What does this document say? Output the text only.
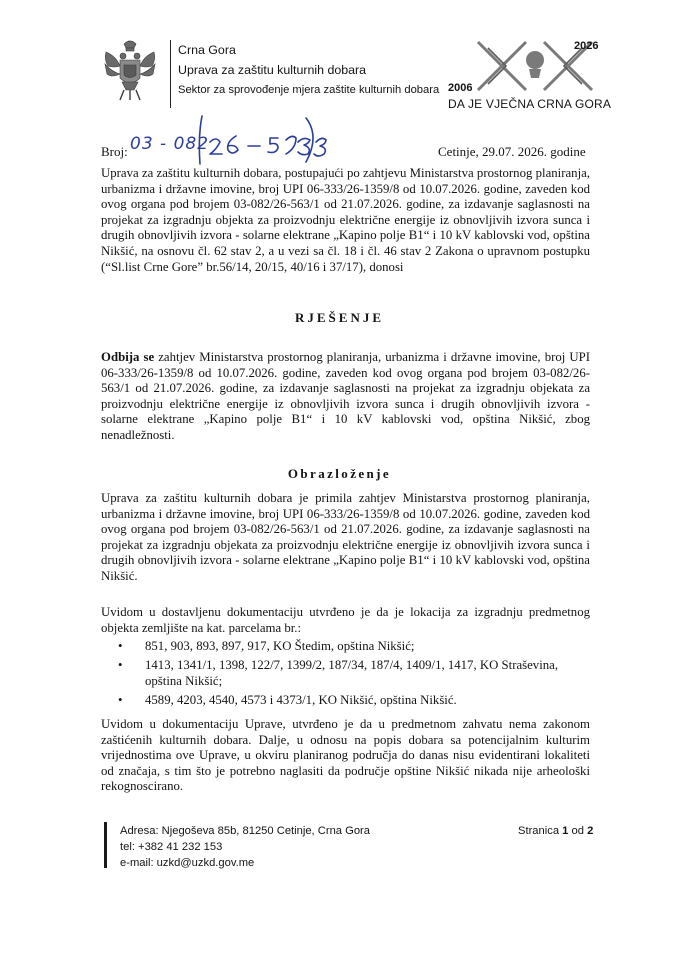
Crna Gora
Uprava za zaštitu kulturnih dobara
Sektor za sprovođenje mjera zaštite kulturnih dobara
2026
2006
DA JE VJEČNA CRNA GORA
Broj: 03 - 082	Cetinje, 29.07. 2026. godine
Uprava za zaštitu kulturnih dobara, postupajući po zahtjevu Ministarstva prostornog planiranja, urbanizma i državne imovine, broj UPI 06-333/26-1359/8 od 10.07.2026. godine, zaveden kod ovog organa pod brojem 03-082/26-563/1 od 21.07.2026. godine, za izdavanje saglasnosti na projekat za izgradnju objekta za proizvodnju električne energije iz obnovljivih izvora sunca i drugih obnovljivih izvora - solarne elektrane „Kapino polje B1“ i 10 kV kablovski vod, opština Nikšić, na osnovu čl. 62 stav 2, a u vezi sa čl. 18 i čl. 46 stav 2 Zakona o upravnom postupku (“Sl.list Crne Gore” br.56/14, 20/15, 40/16 i 37/17), donosi
RJEŠENJE
Odbija se zahtjev Ministarstva prostornog planiranja, urbanizma i državne imovine, broj UPI 06-333/26-1359/8 od 10.07.2026. godine, zaveden kod ovog organa pod brojem 03-082/26-563/1 od 21.07.2026. godine, za izdavanje saglasnosti na projekat za izgradnju objekata za proizvodnju električne energije iz obnovljivih izvora sunca i drugih obnovljivih izvora - solarne elektrane „Kapino polje B1“ i 10 kV kablovski vod, opština Nikšić, zbog nenadležnosti.
Obrazloženje
Uprava za zaštitu kulturnih dobara je primila zahtjev Ministarstva prostornog planiranja, urbanizma i državne imovine, broj UPI 06-333/26-1359/8 od 10.07.2026. godine, zaveden kod ovog organa pod brojem 03-082/26-563/1 od 21.07.2026. godine, za izdavanje saglasnosti na projekat za izgradnju objekata za proizvodnju električne energije iz obnovljivih izvora sunca i drugih obnovljivih izvora - solarne elektrane „Kapino polje B1“ i 10 kV kablovski vod, opština Nikšić.
Uvidom u dostavljenu dokumentaciju utvrđeno je da je lokacija za izgradnju predmetnog objekta zemljište na kat. parcelama br.:
• 851, 903, 893, 897, 917, KO Štedim, opština Nikšić;
• 1413, 1341/1, 1398, 122/7, 1399/2, 187/34, 187/4, 1409/1, 1417, KO Straševina, opština Nikšić;
• 4589, 4203, 4540, 4573 i 4373/1, KO Nikšić, opština Nikšić.
Uvidom u dokumentaciju Uprave, utvrđeno je da u predmetnom zahvatu nema zakonom zaštićenih kulturnih dobara. Dalje, u odnosu na popis dobara sa potencijalnim kulturim vrijednostima ove Uprave, u okviru planiranog područja do danas nisu evidentirani lokaliteti od značaja, s tim što je potrebno naglasiti da područje opštine Nikšić nikada nije arheološki rekognoscirano.
Adresa: Njegoševa 85b, 81250 Cetinje, Crna Gora
tel: +382 41 232 153
e-mail: uzkd@uzkd.gov.me
Stranica 1 od 2
